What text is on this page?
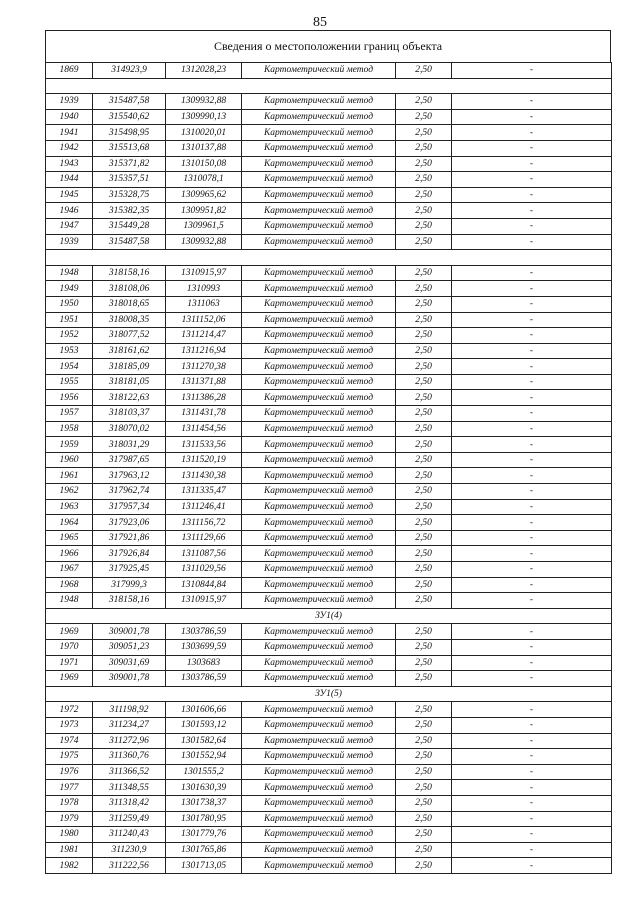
85
Сведения о местоположении границ объекта
1869	314923,9	1312028,23	Картометрический метод	2,50	-

1939	315487,58	1309932,88	Картометрический метод	2,50	-
1940	315540,62	1309990,13	Картометрический метод	2,50	-
1941	315498,95	1310020,01	Картометрический метод	2,50	-
1942	315513,68	1310137,88	Картометрический метод	2,50	-
1943	315371,82	1310150,08	Картометрический метод	2,50	-
1944	315357,51	1310078,1	Картометрический метод	2,50	-
1945	315328,75	1309965,62	Картометрический метод	2,50	-
1946	315382,35	1309951,82	Картометрический метод	2,50	-
1947	315449,28	1309961,5	Картометрический метод	2,50	-
1939	315487,58	1309932,88	Картометрический метод	2,50	-

1948	318158,16	1310915,97	Картометрический метод	2,50	-
1949	318108,06	1310993	Картометрический метод	2,50	-
1950	318018,65	1311063	Картометрический метод	2,50	-
1951	318008,35	1311152,06	Картометрический метод	2,50	-
1952	318077,52	1311214,47	Картометрический метод	2,50	-
1953	318161,62	1311216,94	Картометрический метод	2,50	-
1954	318185,09	1311270,38	Картометрический метод	2,50	-
1955	318181,05	1311371,88	Картометрический метод	2,50	-
1956	318122,63	1311386,28	Картометрический метод	2,50	-
1957	318103,37	1311431,78	Картометрический метод	2,50	-
1958	318070,02	1311454,56	Картометрический метод	2,50	-
1959	318031,29	1311533,56	Картометрический метод	2,50	-
1960	317987,65	1311520,19	Картометрический метод	2,50	-
1961	317963,12	1311430,38	Картометрический метод	2,50	-
1962	317962,74	1311335,47	Картометрический метод	2,50	-
1963	317957,34	1311246,41	Картометрический метод	2,50	-
1964	317923,06	1311156,72	Картометрический метод	2,50	-
1965	317921,86	1311129,66	Картометрический метод	2,50	-
1966	317926,84	1311087,56	Картометрический метод	2,50	-
1967	317925,45	1311029,56	Картометрический метод	2,50	-
1968	317999,3	1310844,84	Картометрический метод	2,50	-
1948	318158,16	1310915,97	Картометрический метод	2,50	-
ЗУ1(4)					
1969	309001,78	1303786,59	Картометрический метод	2,50	-
1970	309051,23	1303699,59	Картометрический метод	2,50	-
1971	309031,69	1303683	Картометрический метод	2,50	-
1969	309001,78	1303786,59	Картометрический метод	2,50	-
ЗУ1(5)					
1972	311198,92	1301606,66	Картометрический метод	2,50	-
1973	311234,27	1301593,12	Картометрический метод	2,50	-
1974	311272,96	1301582,64	Картометрический метод	2,50	-
1975	311360,76	1301552,94	Картометрический метод	2,50	-
1976	311366,52	1301555,2	Картометрический метод	2,50	-
1977	311348,55	1301630,39	Картометрический метод	2,50	-
1978	311318,42	1301738,37	Картометрический метод	2,50	-
1979	311259,49	1301780,95	Картометрический метод	2,50	-
1980	311240,43	1301779,76	Картометрический метод	2,50	-
1981	311230,9	1301765,86	Картометрический метод	2,50	-
1982	311222,56	1301713,05	Картометрический метод	2,50	-
